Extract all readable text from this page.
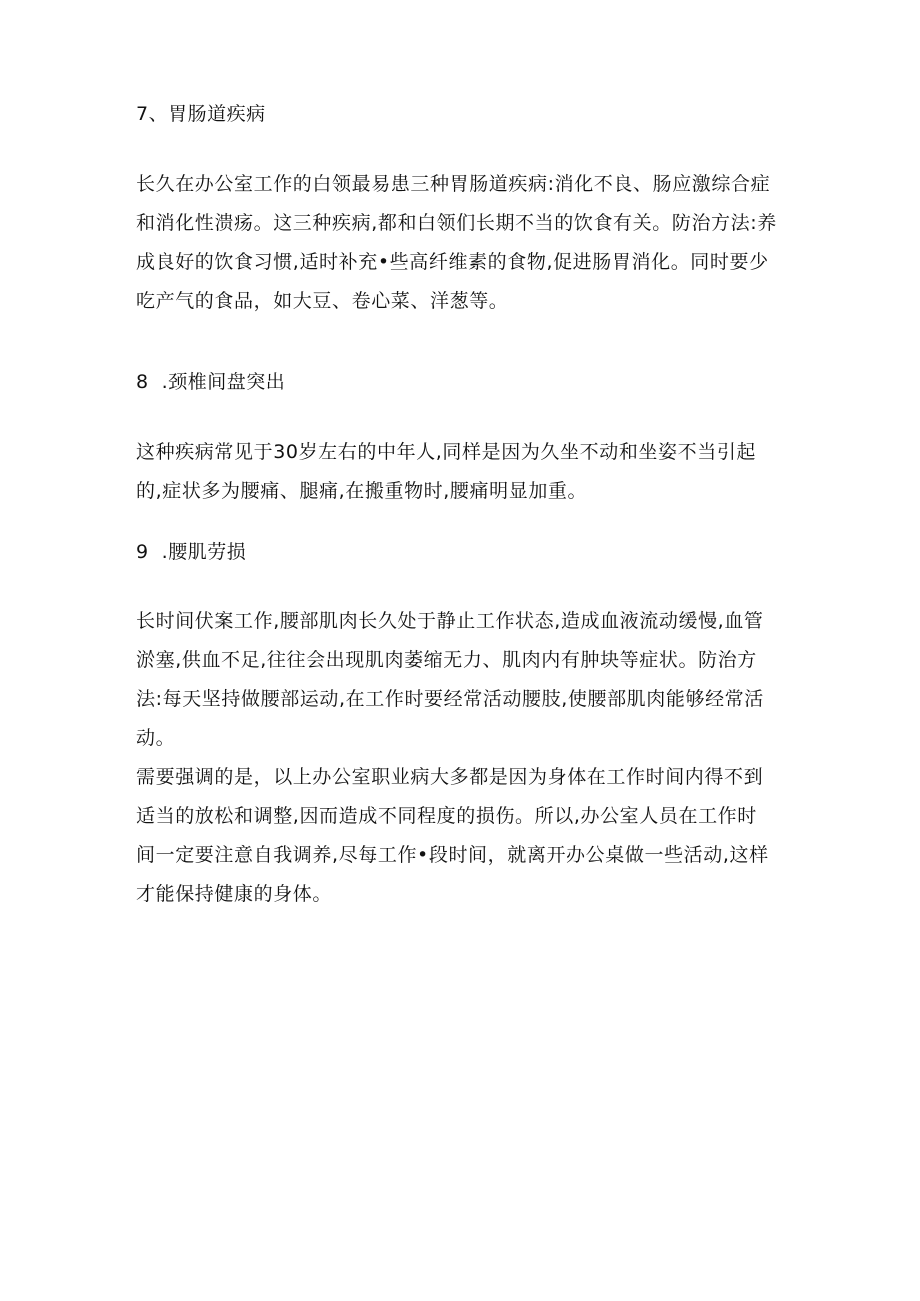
7、胃肠道疾病
长久在办公室工作的白领最易患三种胃肠道疾病:消化不良、肠应激综合症
和消化性溃疡。这三种疾病,都和白领们长期不当的饮食有关。防治方法:养
成良好的饮食习惯,适时补充•些高纤维素的食物,促进肠胃消化。同时要少
吃产气的食品，如大豆、卷心菜、洋葱等。
8  .颈椎间盘突出
这种疾病常见于30岁左右的中年人,同样是因为久坐不动和坐姿不当引起
的,症状多为腰痛、腿痛,在搬重物时,腰痛明显加重。
9  .腰肌劳损
长时间伏案工作,腰部肌肉长久处于静止工作状态,造成血液流动缓慢,血管
淤塞,供血不足,往往会出现肌肉萎缩无力、肌肉内有肿块等症状。防治方
法:每天坚持做腰部运动,在工作时要经常活动腰肢,使腰部肌肉能够经常活
动。
需要强调的是，以上办公室职业病大多都是因为身体在工作时间内得不到
适当的放松和调整,因而造成不同程度的损伤。所以,办公室人员在工作时
间一定要注意自我调养,尽每工作•段时间，就离开办公桌做一些活动,这样
才能保持健康的身体。
